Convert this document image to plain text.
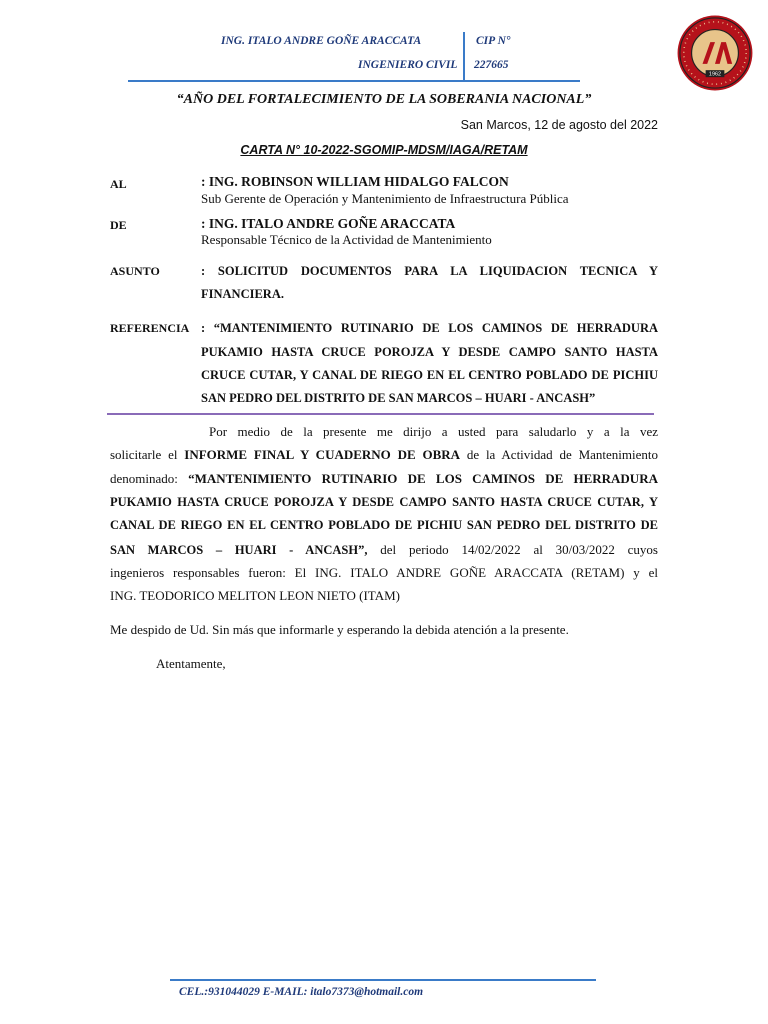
ING. ITALO ANDRE GOÑE ARACCATA
INGENIERO CIVIL
CIP N°
227665
1962
“AÑO DEL FORTALECIMIENTO DE LA SOBERANIA NACIONAL”
San Marcos, 12 de agosto del 2022
CARTA N° 10-2022-SGOMIP-MDSM/IAGA/RETAM
AL	: ING. ROBINSON WILLIAM HIDALGO FALCON
Sub Gerente de Operación y Mantenimiento de Infraestructura Pública
DE	: ING. ITALO ANDRE GOÑE ARACCATA
Responsable Técnico de la Actividad de Mantenimiento
ASUNTO	: SOLICITUD DOCUMENTOS PARA LA LIQUIDACION TECNICA Y
FINANCIERA.
REFERENCIA : “MANTENIMIENTO RUTINARIO DE LOS CAMINOS DE HERRADURA
PUKAMIO HASTA CRUCE POROJZA Y DESDE CAMPO SANTO HASTA
CRUCE CUTAR, Y CANAL DE RIEGO EN EL CENTRO POBLADO DE PICHIU
SAN PEDRO DEL DISTRITO DE SAN MARCOS – HUARI - ANCASH”
Por medio de la presente me dirijo a usted para saludarlo y a la vez
solicitarle el INFORME FINAL Y CUADERNO DE OBRA de la Actividad de Mantenimiento
denominado: “MANTENIMIENTO RUTINARIO DE LOS CAMINOS DE HERRADURA
PUKAMIO HASTA CRUCE POROJZA Y DESDE CAMPO SANTO HASTA CRUCE CUTAR, Y
CANAL DE RIEGO EN EL CENTRO POBLADO DE PICHIU SAN PEDRO DEL DISTRITO DE
SAN MARCOS – HUARI - ANCASH”, del periodo 14/02/2022 al 30/03/2022 cuyos
ingenieros responsables fueron: El ING. ITALO ANDRE GOÑE ARACCATA (RETAM) y el
ING. TEODORICO MELITON LEON NIETO (ITAM)
Me despido de Ud. Sin más que informarle y esperando la debida atención a la presente.
Atentamente,
CEL.:931044029 E-MAIL: italo7373@hotmail.com
